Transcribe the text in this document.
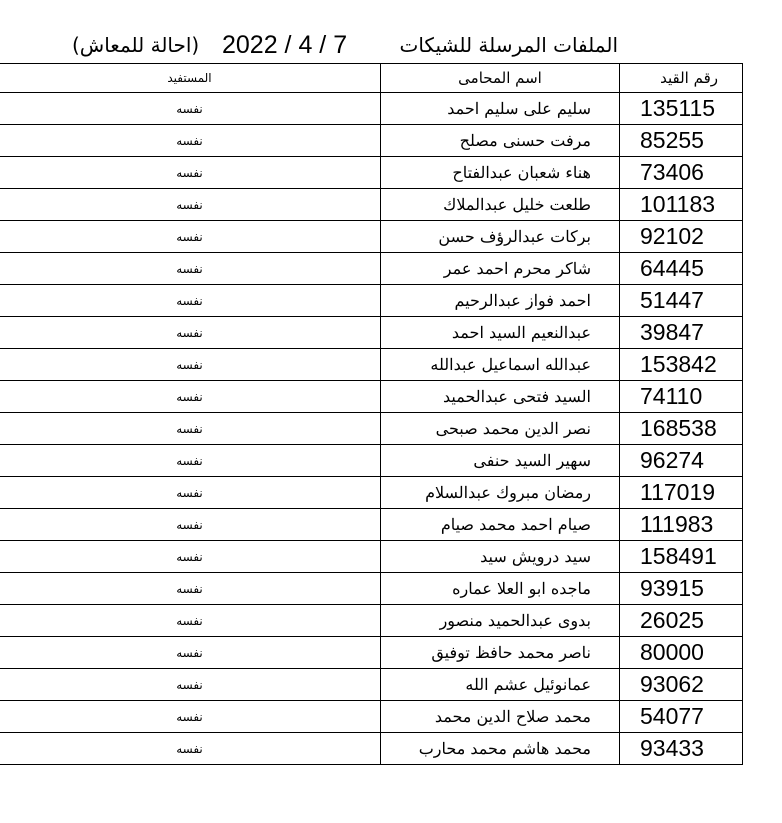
الملفات المرسلة للشيكات
2022 / 4 / 7
(احالة للمعاش)
المستفيد	اسم المحامى	رقم القيد
نفسه	سليم على سليم احمد	135115
نفسه	مرفت حسنى مصلح	85255
نفسه	هناء شعبان عبدالفتاح	73406
نفسه	طلعت خليل عبدالملاك	101183
نفسه	بركات عبدالرؤف حسن	92102
نفسه	شاكر محرم احمد عمر	64445
نفسه	احمد فواز عبدالرحيم	51447
نفسه	عبدالنعيم السيد احمد	39847
نفسه	عبدالله اسماعيل عبدالله	153842
نفسه	السيد فتحى عبدالحميد	74110
نفسه	نصر الدين محمد صبحى	168538
نفسه	سهير السيد حنفى	96274
نفسه	رمضان مبروك عبدالسلام	117019
نفسه	صيام احمد محمد صيام	111983
نفسه	سيد درويش سيد	158491
نفسه	ماجده ابو العلا عماره	93915
نفسه	بدوى عبدالحميد منصور	26025
نفسه	ناصر محمد حافظ توفيق	80000
نفسه	عمانوئيل عشم الله	93062
نفسه	محمد صلاح الدين محمد	54077
نفسه	محمد هاشم محمد محارب	93433
